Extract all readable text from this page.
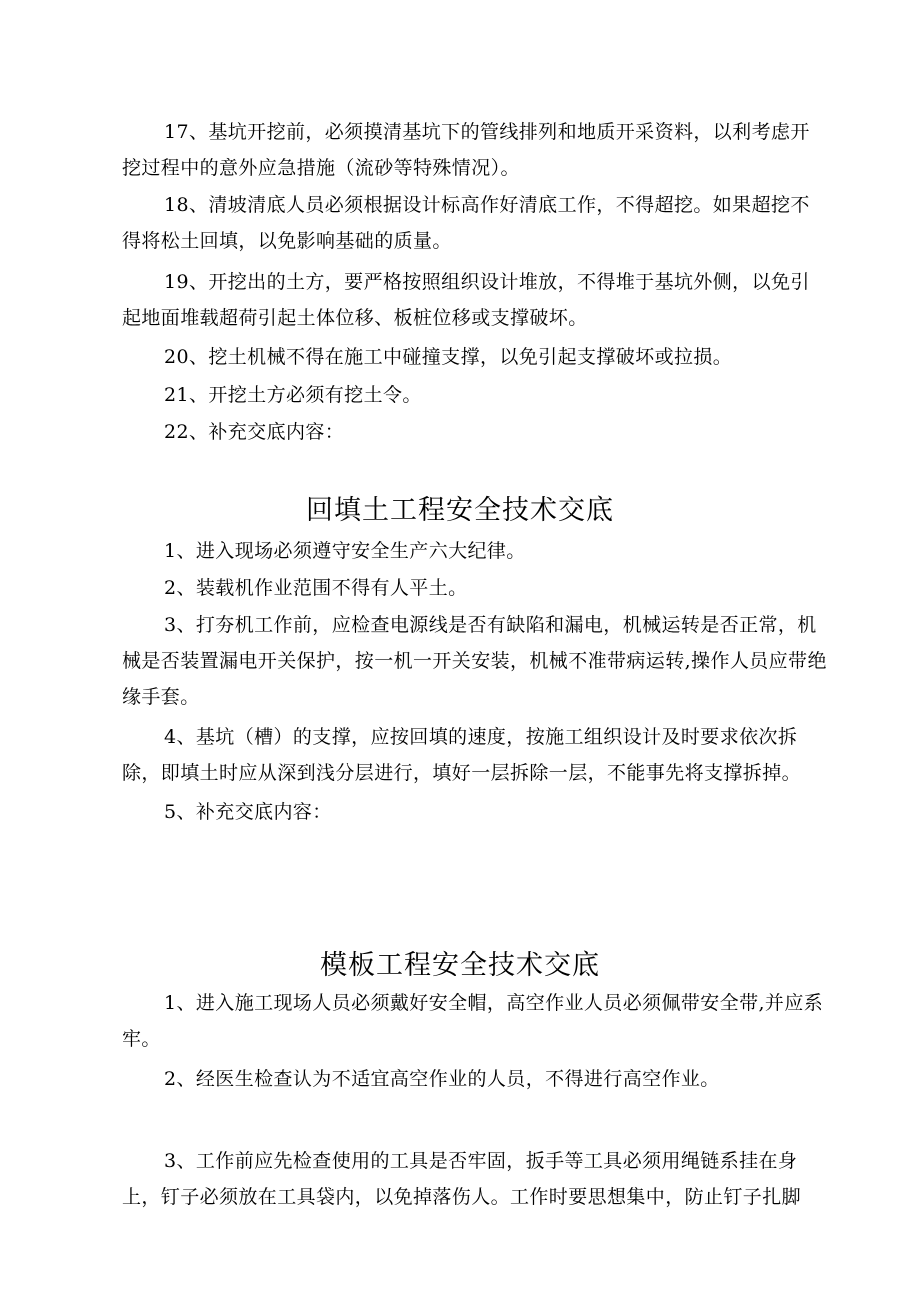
17、基坑开挖前，必须摸清基坑下的管线排列和地质开采资料，以利考虑开挖过程中的意外应急措施（流砂等特殊情况）。

18、清坡清底人员必须根据设计标高作好清底工作，不得超挖。如果超挖不得将松土回填，以免影响基础的质量。

19、开挖出的土方，要严格按照组织设计堆放，不得堆于基坑外侧，以免引起地面堆载超荷引起土体位移、板桩位移或支撑破坏。

20、挖土机械不得在施工中碰撞支撑，以免引起支撑破坏或拉损。

21、开挖土方必须有挖土令。

22、补充交底内容：

回填土工程安全技术交底

1、进入现场必须遵守安全生产六大纪律。

2、装载机作业范围不得有人平土。

3、打夯机工作前，应检查电源线是否有缺陷和漏电，机械运转是否正常，机械是否装置漏电开关保护，按一机一开关安装，机械不准带病运转,操作人员应带绝缘手套。

4、基坑（槽）的支撑，应按回填的速度，按施工组织设计及时要求依次拆除，即填土时应从深到浅分层进行，填好一层拆除一层，不能事先将支撑拆掉。

5、补充交底内容：

模板工程安全技术交底

1、进入施工现场人员必须戴好安全帽，高空作业人员必须佩带安全带,并应系牢。

2、经医生检查认为不适宜高空作业的人员，不得进行高空作业。

3、工作前应先检查使用的工具是否牢固，扳手等工具必须用绳链系挂在身上，钉子必须放在工具袋内，以免掉落伤人。工作时要思想集中，防止钉子扎脚
